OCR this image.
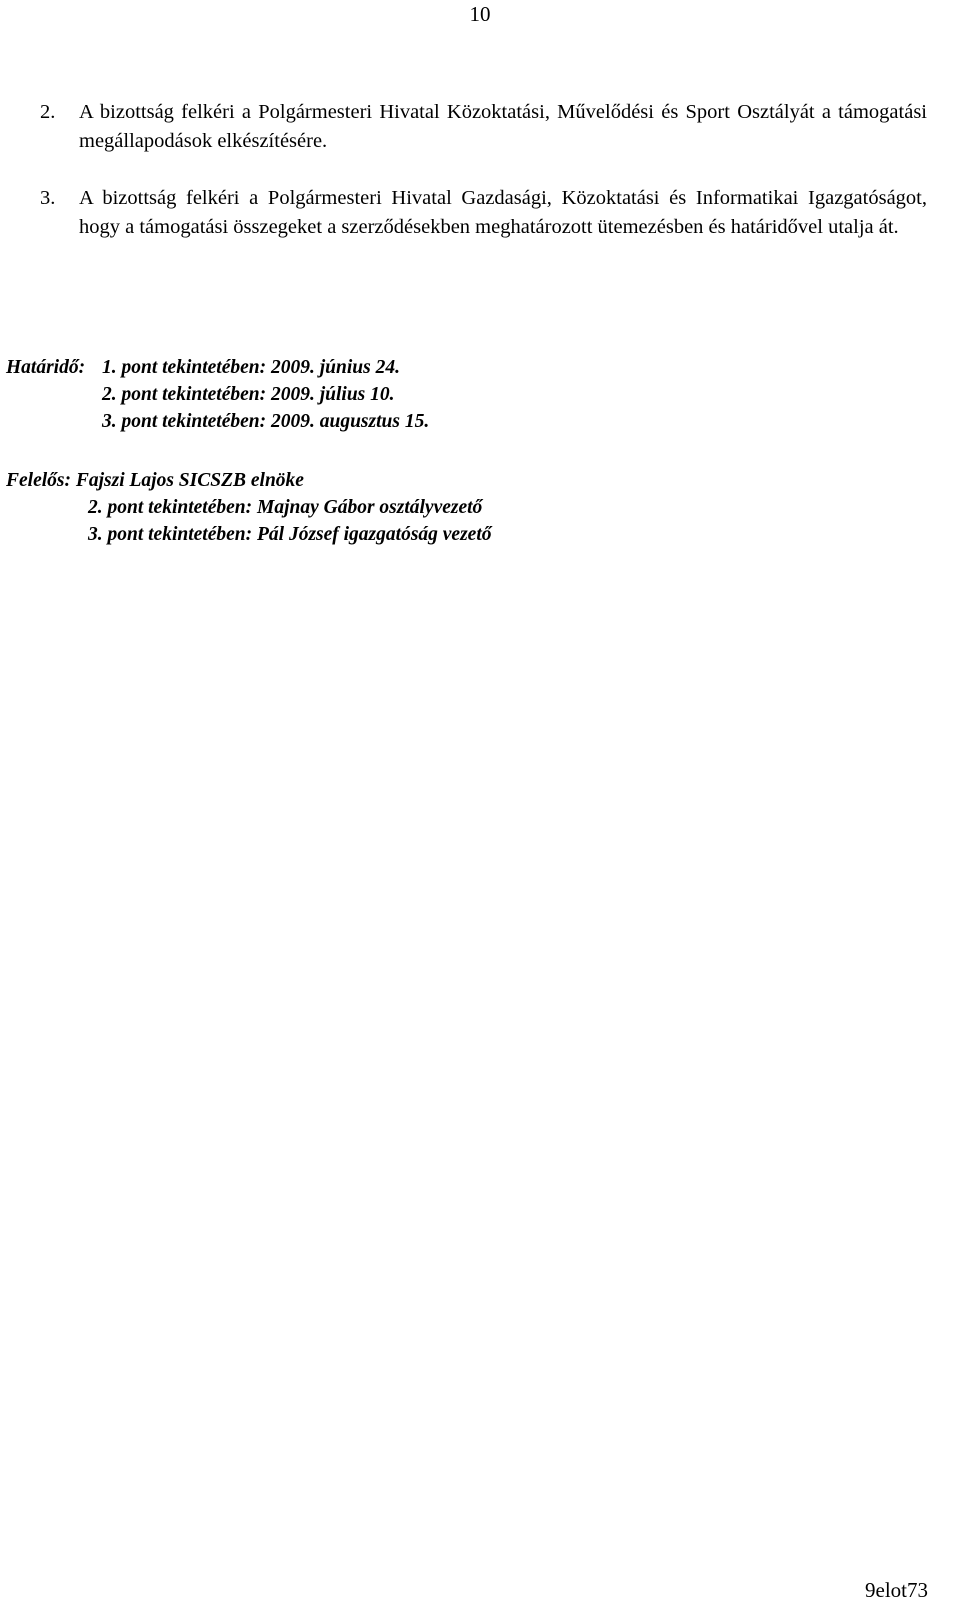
10
2. A bizottság felkéri a Polgármesteri Hivatal Közoktatási, Művelődési és Sport Osztályát a támogatási megállapodások elkészítésére.
3. A bizottság felkéri a Polgármesteri Hivatal Gazdasági, Közoktatási és Informatikai Igazgatóságot, hogy a támogatási összegeket a szerződésekben meghatározott ütemezésben és határidővel utalja át.
Határidő: 1. pont tekintetében: 2009. június 24.
2. pont tekintetében: 2009. július 10.
3. pont tekintetében: 2009. augusztus 15.
Felelős: Fajszi Lajos SICSZB elnöke
2. pont tekintetében: Majnay Gábor osztályvezető
3. pont tekintetében: Pál József igazgatóság vezető
9elot73
